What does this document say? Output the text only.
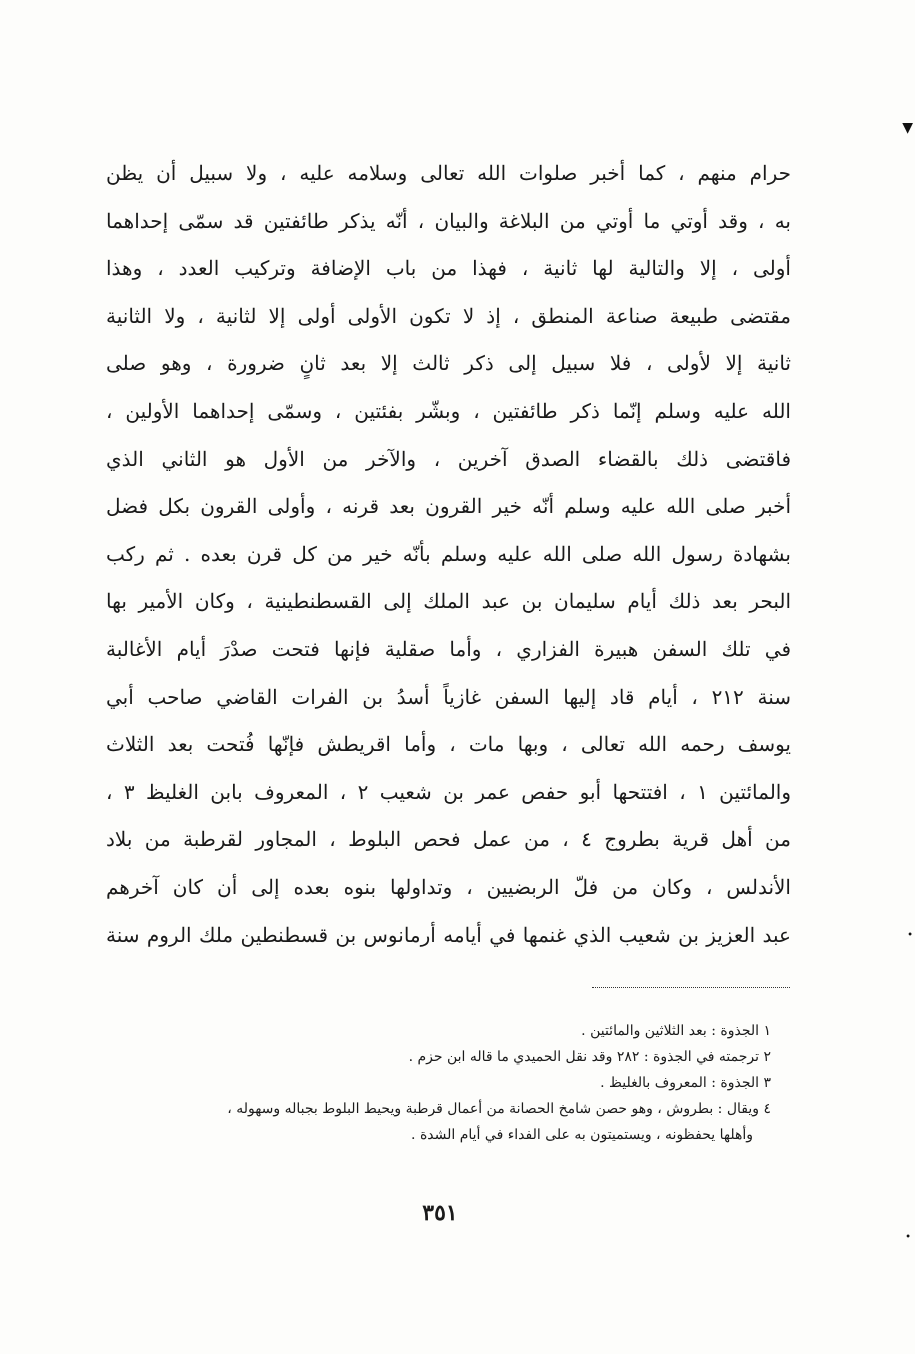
حرام منهم ، كما أخبر صلوات الله تعالى وسلامه عليه ، ولا سبيل أن يظن
به ، وقد أوتي ما أوتي من البلاغة والبيان ، أنّه يذكر طائفتين قد سمّى إحداهما
أولى ، إلا والتالية لها ثانية ، فهذا من باب الإضافة وتركيب العدد ، وهذا
مقتضى طبيعة صناعة المنطق ، إذ لا تكون الأولى أولى إلا لثانية ، ولا الثانية
ثانية إلا لأولى ، فلا سبيل إلى ذكر ثالث إلا بعد ثانٍ ضرورة ، وهو صلى
الله عليه وسلم إنّما ذكر طائفتين ، وبشّر بفئتين ، وسمّى إحداهما الأولين ،
فاقتضى ذلك بالقضاء الصدق آخرين ، والآخر من الأول هو الثاني الذي
أخبر صلى الله عليه وسلم أنّه خير القرون بعد قرنه ، وأولى القرون بكل فضل
بشهادة رسول الله صلى الله عليه وسلم بأنّه خير من كل قرن بعده . ثم ركب
البحر بعد ذلك أيام سليمان بن عبد الملك إلى القسطنطينية ، وكان الأمير بها
في تلك السفن هبيرة الفزاري ، وأما صقلية فإنها فتحت صدْرَ أيام الأغالبة
سنة ٢١٢ ، أيام قاد إليها السفن غازياً أسدُ بن الفرات القاضي صاحب أبي
يوسف رحمه الله تعالى ، وبها مات ، وأما اقريطش فإنّها فُتحت بعد الثلاث
والمائتين ١ ، افتتحها أبو حفص عمر بن شعيب ٢ ، المعروف بابن الغليظ ٣ ،
من أهل قرية بطروج ٤ ، من عمل فحص البلوط ، المجاور لقرطبة من بلاد
الأندلس ، وكان من فلّ الربضيين ، وتداولها بنوه بعده إلى أن كان آخرهم
عبد العزيز بن شعيب الذي غنمها في أيامه أرمانوس بن قسطنطين ملك الروم سنة
١ الجذوة : بعد الثلاثين والمائتين .
٢ ترجمته في الجذوة : ٢٨٢ وقد نقل الحميدي ما قاله ابن حزم .
٣ الجذوة : المعروف بالغليظ .
٤ ويقال : بطروش ، وهو حصن شامخ الحصانة من أعمال قرطبة ويحيط البلوط بجباله وسهوله ،
وأهلها يحفظونه ، ويستميتون به على الفداء في أيام الشدة .
٣٥١
▼
•
•
